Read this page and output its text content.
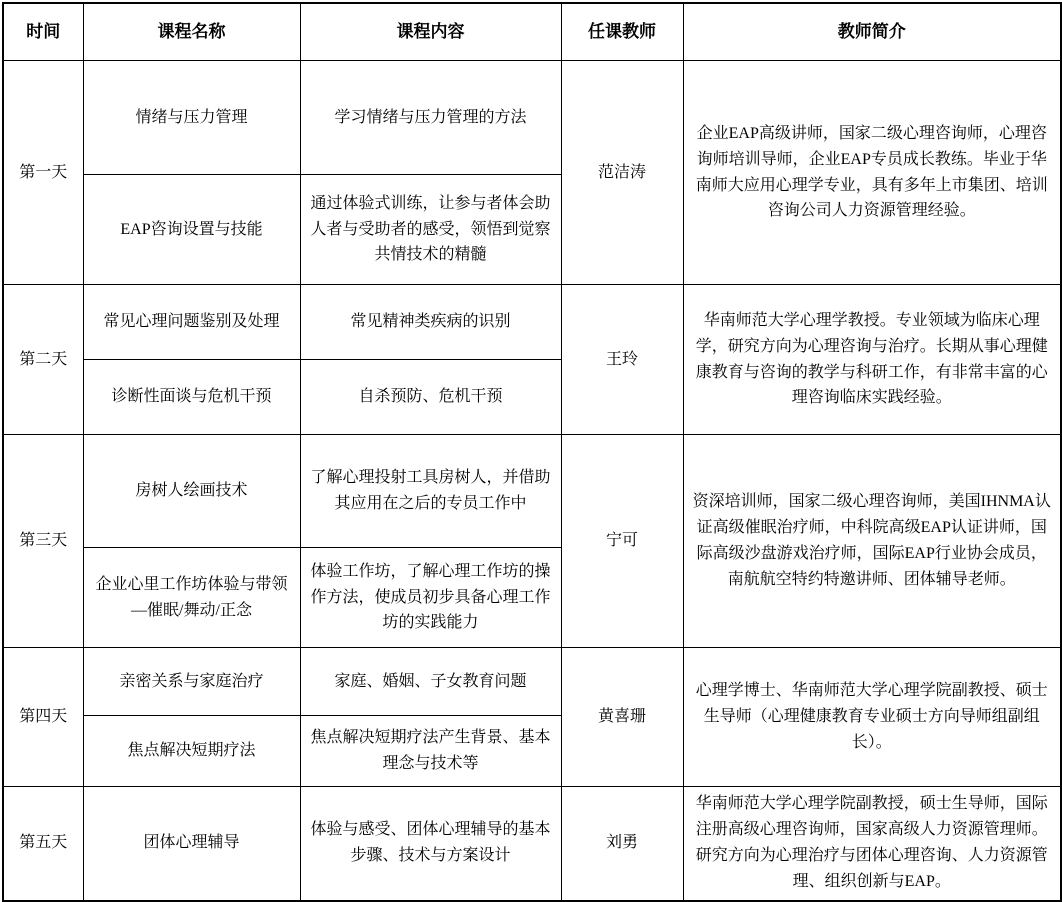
时间	课程名称	课程内容	任课教师	教师简介
第一天	情绪与压力管理	学习情绪与压力管理的方法	范洁涛	企业EAP高级讲师，国家二级心理咨询师，心理咨询师培训导师，企业EAP专员成长教练。毕业于华南师大应用心理学专业，具有多年上市集团、培训咨询公司人力资源管理经验。
	EAP咨询设置与技能	通过体验式训练，让参与者体会助人者与受助者的感受，领悟到觉察共情技术的精髓		
第二天	常见心理问题鉴别及处理	常见精神类疾病的识别	王玲	华南师范大学心理学教授。专业领域为临床心理学，研究方向为心理咨询与治疗。长期从事心理健康教育与咨询的教学与科研工作，有非常丰富的心理咨询临床实践经验。
	诊断性面谈与危机干预	自杀预防、危机干预		
第三天	房树人绘画技术	了解心理投射工具房树人，并借助其应用在之后的专员工作中	宁可	资深培训师，国家二级心理咨询师，美国IHNMA认证高级催眠治疗师，中科院高级EAP认证讲师，国际高级沙盘游戏治疗师，国际EAP行业协会成员，南航航空特约特邀讲师、团体辅导老师。
	企业心里工作坊体验与带领—催眠/舞动/正念	体验工作坊，了解心理工作坊的操作方法，使成员初步具备心理工作坊的实践能力		
第四天	亲密关系与家庭治疗	家庭、婚姻、子女教育问题	黄喜珊	心理学博士、华南师范大学心理学院副教授、硕士生导师（心理健康教育专业硕士方向导师组副组长）。
	焦点解决短期疗法	焦点解决短期疗法产生背景、基本理念与技术等		
第五天	团体心理辅导	体验与感受、团体心理辅导的基本步骤、技术与方案设计	刘勇	华南师范大学心理学院副教授，硕士生导师，国际注册高级心理咨询师，国家高级人力资源管理师。研究方向为心理治疗与团体心理咨询、人力资源管理、组织创新与EAP。
